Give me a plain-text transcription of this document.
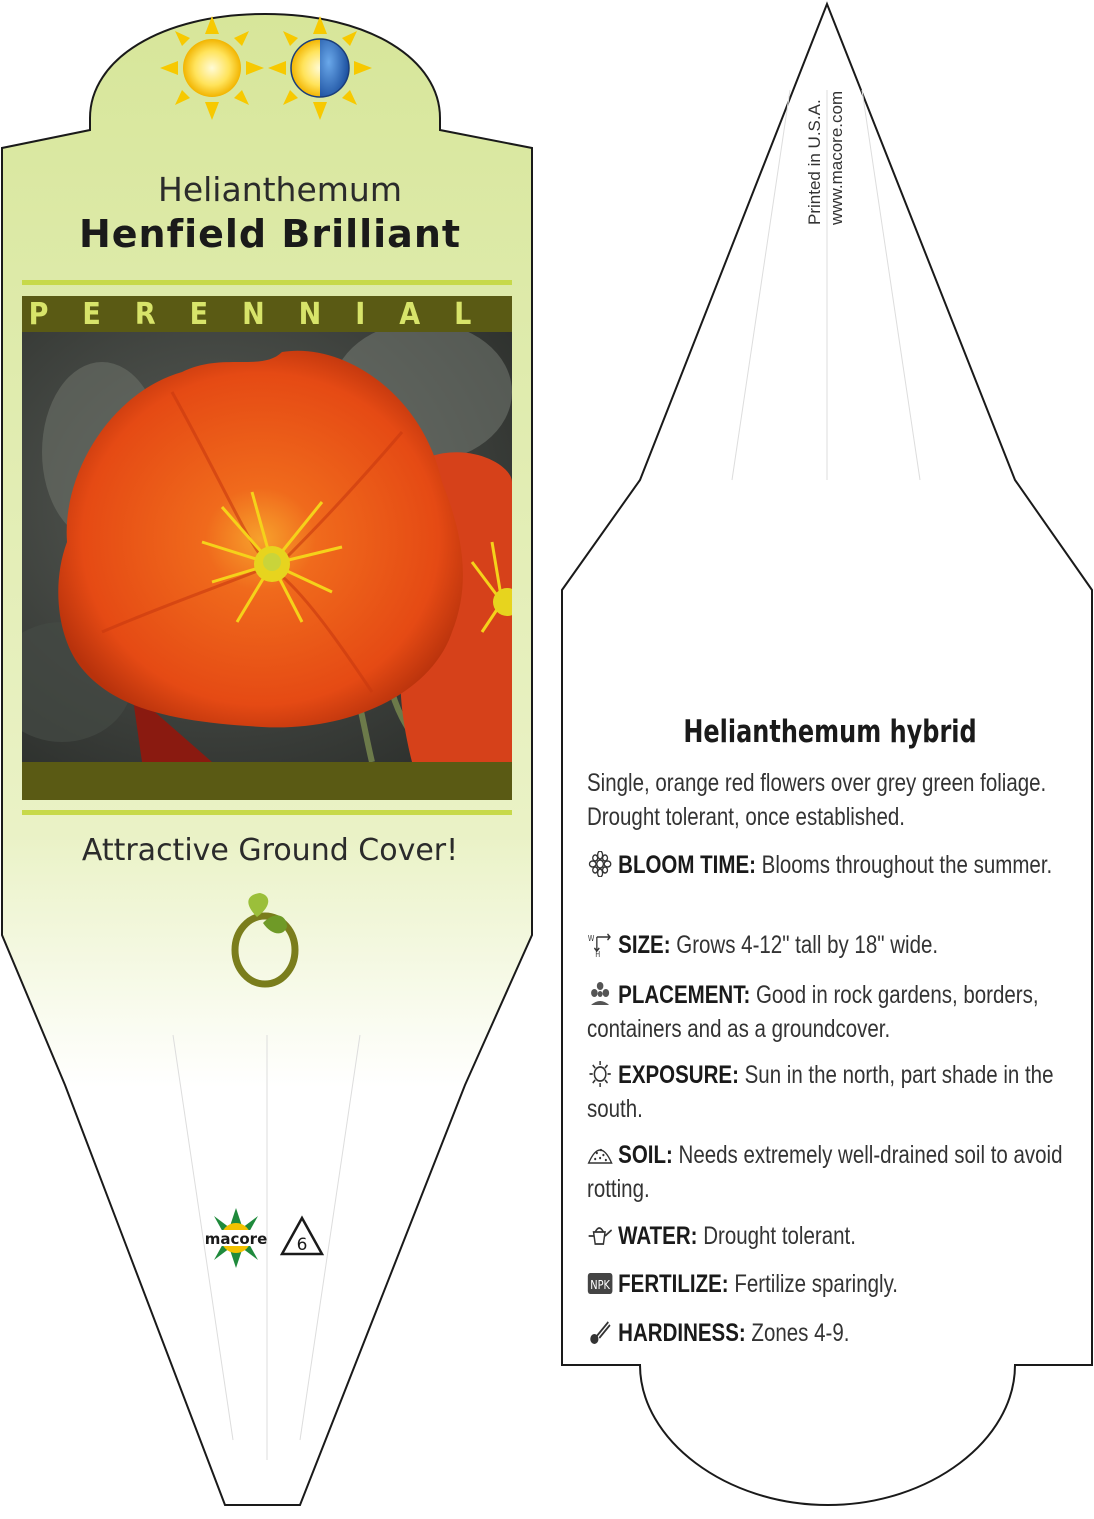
macore 6
Helianthemum
Henfield Brilliant
PERENNIAL
Attractive Ground Cover!
Printed in U.S.A. www.macore.com
Helianthemum hybrid
Single, orange red flowers over grey green foliage. Drought tolerant, once established.
BLOOM TIME: Blooms throughout the summer.
W
H SIZE: Grows 4-12" tall by 18" wide.
PLACEMENT: Good in rock gardens, borders, containers and as a groundcover.
EXPOSURE: Sun in the north, part shade in the south.
SOIL: Needs extremely well-drained soil to avoid rotting.
WATER: Drought tolerant.
NPK FERTILIZE: Fertilize sparingly.
HARDINESS: Zones 4-9.
